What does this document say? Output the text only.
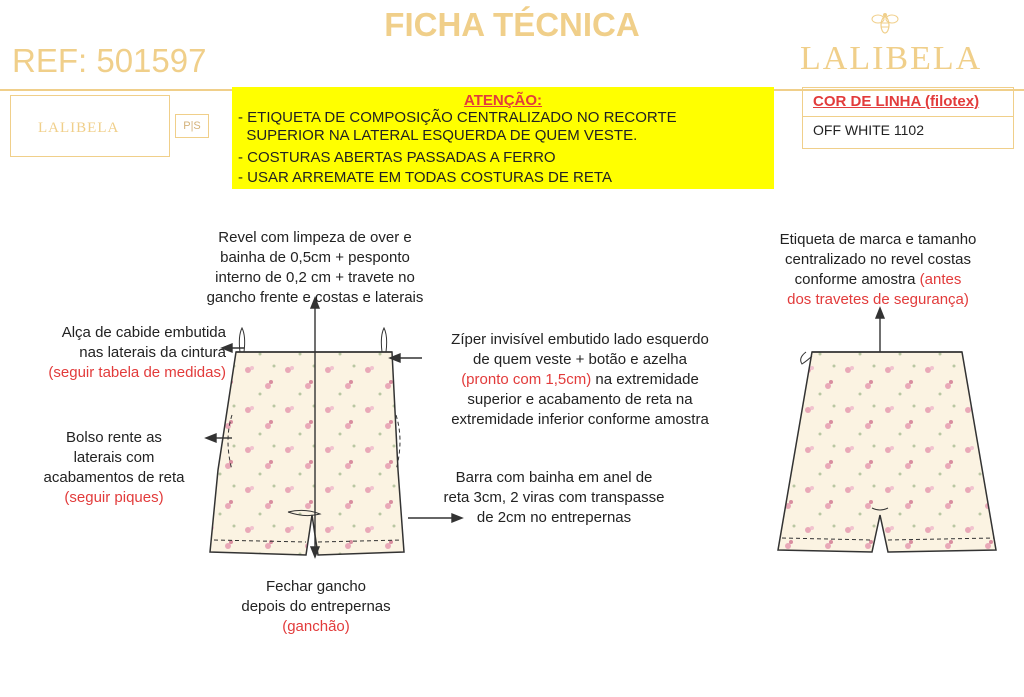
FICHA TÉCNICA
REF: 501597	LALIBELA
LALIBELA	P|S
ATENÇÃO:
- ETIQUETA DE COMPOSIÇÃO CENTRALIZADO NO RECORTE
SUPERIOR NA LATERAL ESQUERDA DE QUEM VESTE.
- COSTURAS ABERTAS PASSADAS A FERRO
- USAR ARREMATE EM TODAS COSTURAS DE RETA
COR DE LINHA (filotex)
OFF WHITE 1102
Revel com limpeza de over e
bainha de 0,5cm + pesponto
interno de 0,2 cm + travete no
gancho frente e costas e laterais
Alça de cabide embutida
nas laterais da cintura
(seguir tabela de medidas)
Bolso rente as
laterais com
acabamentos de reta
(seguir piques)
Zíper invisível embutido lado esquerdo
de quem veste + botão e azelha
(pronto com 1,5cm) na extremidade
superior e acabamento de reta na
extremidade inferior conforme amostra
Barra com bainha em anel de
reta 3cm, 2 viras com transpasse
de 2cm no entrepernas
Fechar gancho
depois do entrepernas
(ganchão)
Etiqueta de marca e tamanho
centralizado no revel costas
conforme amostra (antes
dos travetes de segurança)
